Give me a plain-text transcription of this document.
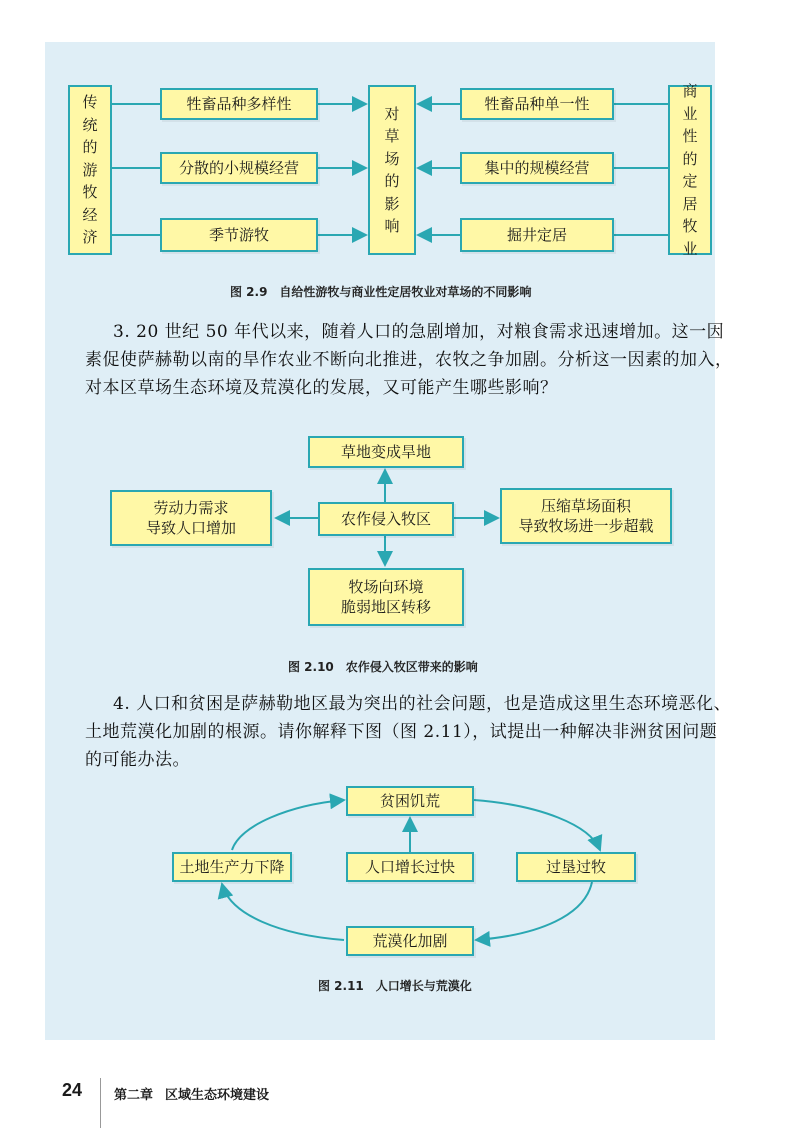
传统的游牧经济
牲畜品种多样性
分散的小规模经营
季节游牧
对草场的影响
牲畜品种单一性
集中的规模经营
掘井定居
商业性的定居牧业
图 2.9　自给性游牧与商业性定居牧业对草场的不同影响
3. 20 世纪 50 年代以来，随着人口的急剧增加，对粮食需求迅速增加。这一因
素促使萨赫勒以南的旱作农业不断向北推进，农牧之争加剧。分析这一因素的加入，
对本区草场生态环境及荒漠化的发展，又可能产生哪些影响？
草地变成旱地
劳动力需求
导致人口增加
农作侵入牧区
压缩草场面积
导致牧场进一步超载
牧场向环境
脆弱地区转移
图 2.10　农作侵入牧区带来的影响
4. 人口和贫困是萨赫勒地区最为突出的社会问题，也是造成这里生态环境恶化、
土地荒漠化加剧的根源。请你解释下图（图 2.11），试提出一种解决非洲贫困问题
的可能办法。
贫困饥荒
土地生产力下降	人口增长过快	过垦过牧
荒漠化加剧
图 2.11　人口增长与荒漠化
24 第二章 区域生态环境建设
